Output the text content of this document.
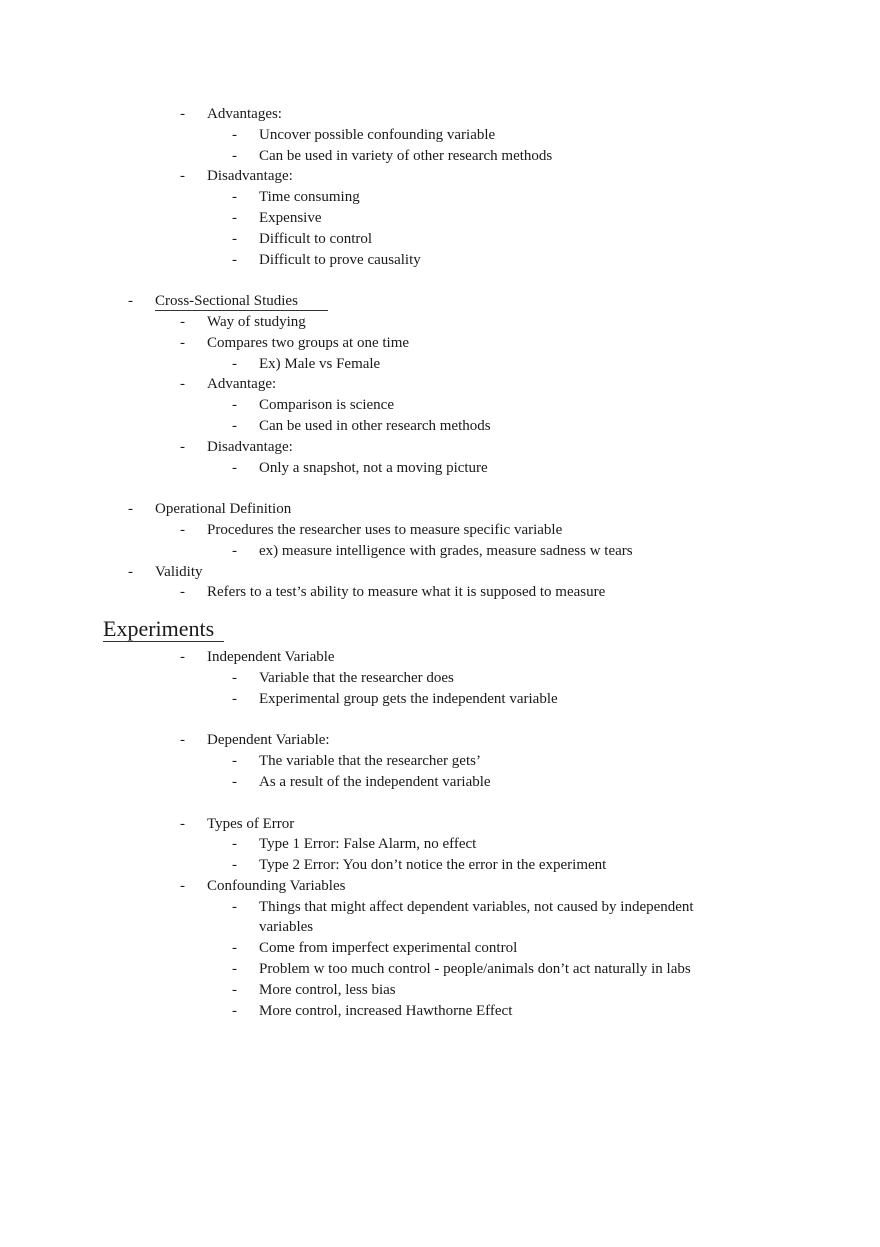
- Advantages:
- Uncover possible confounding variable
- Can be used in variety of other research methods
- Disadvantage:
- Time consuming
- Expensive
- Difficult to control
- Difficult to prove causality
- Cross-Sectional Studies
- Way of studying
- Compares two groups at one time
- Ex) Male vs Female
- Advantage:
- Comparison is science
- Can be used in other research methods
- Disadvantage:
- Only a snapshot, not a moving picture
- Operational Definition
- Procedures the researcher uses to measure specific variable
- ex) measure intelligence with grades, measure sadness w tears
- Validity
- Refers to a test’s ability to measure what it is supposed to measure
Experiments
- Independent Variable
- Variable that the researcher does
- Experimental group gets the independent variable
- Dependent Variable:
- The variable that the researcher gets’
- As a result of the independent variable
- Types of Error
- Type 1 Error: False Alarm, no effect
- Type 2 Error: You don’t notice the error in the experiment
- Confounding Variables
- Things that might affect dependent variables, not caused by independent variables
- Come from imperfect experimental control
- Problem w too much control - people/animals don’t act naturally in labs
- More control, less bias
- More control, increased Hawthorne Effect
